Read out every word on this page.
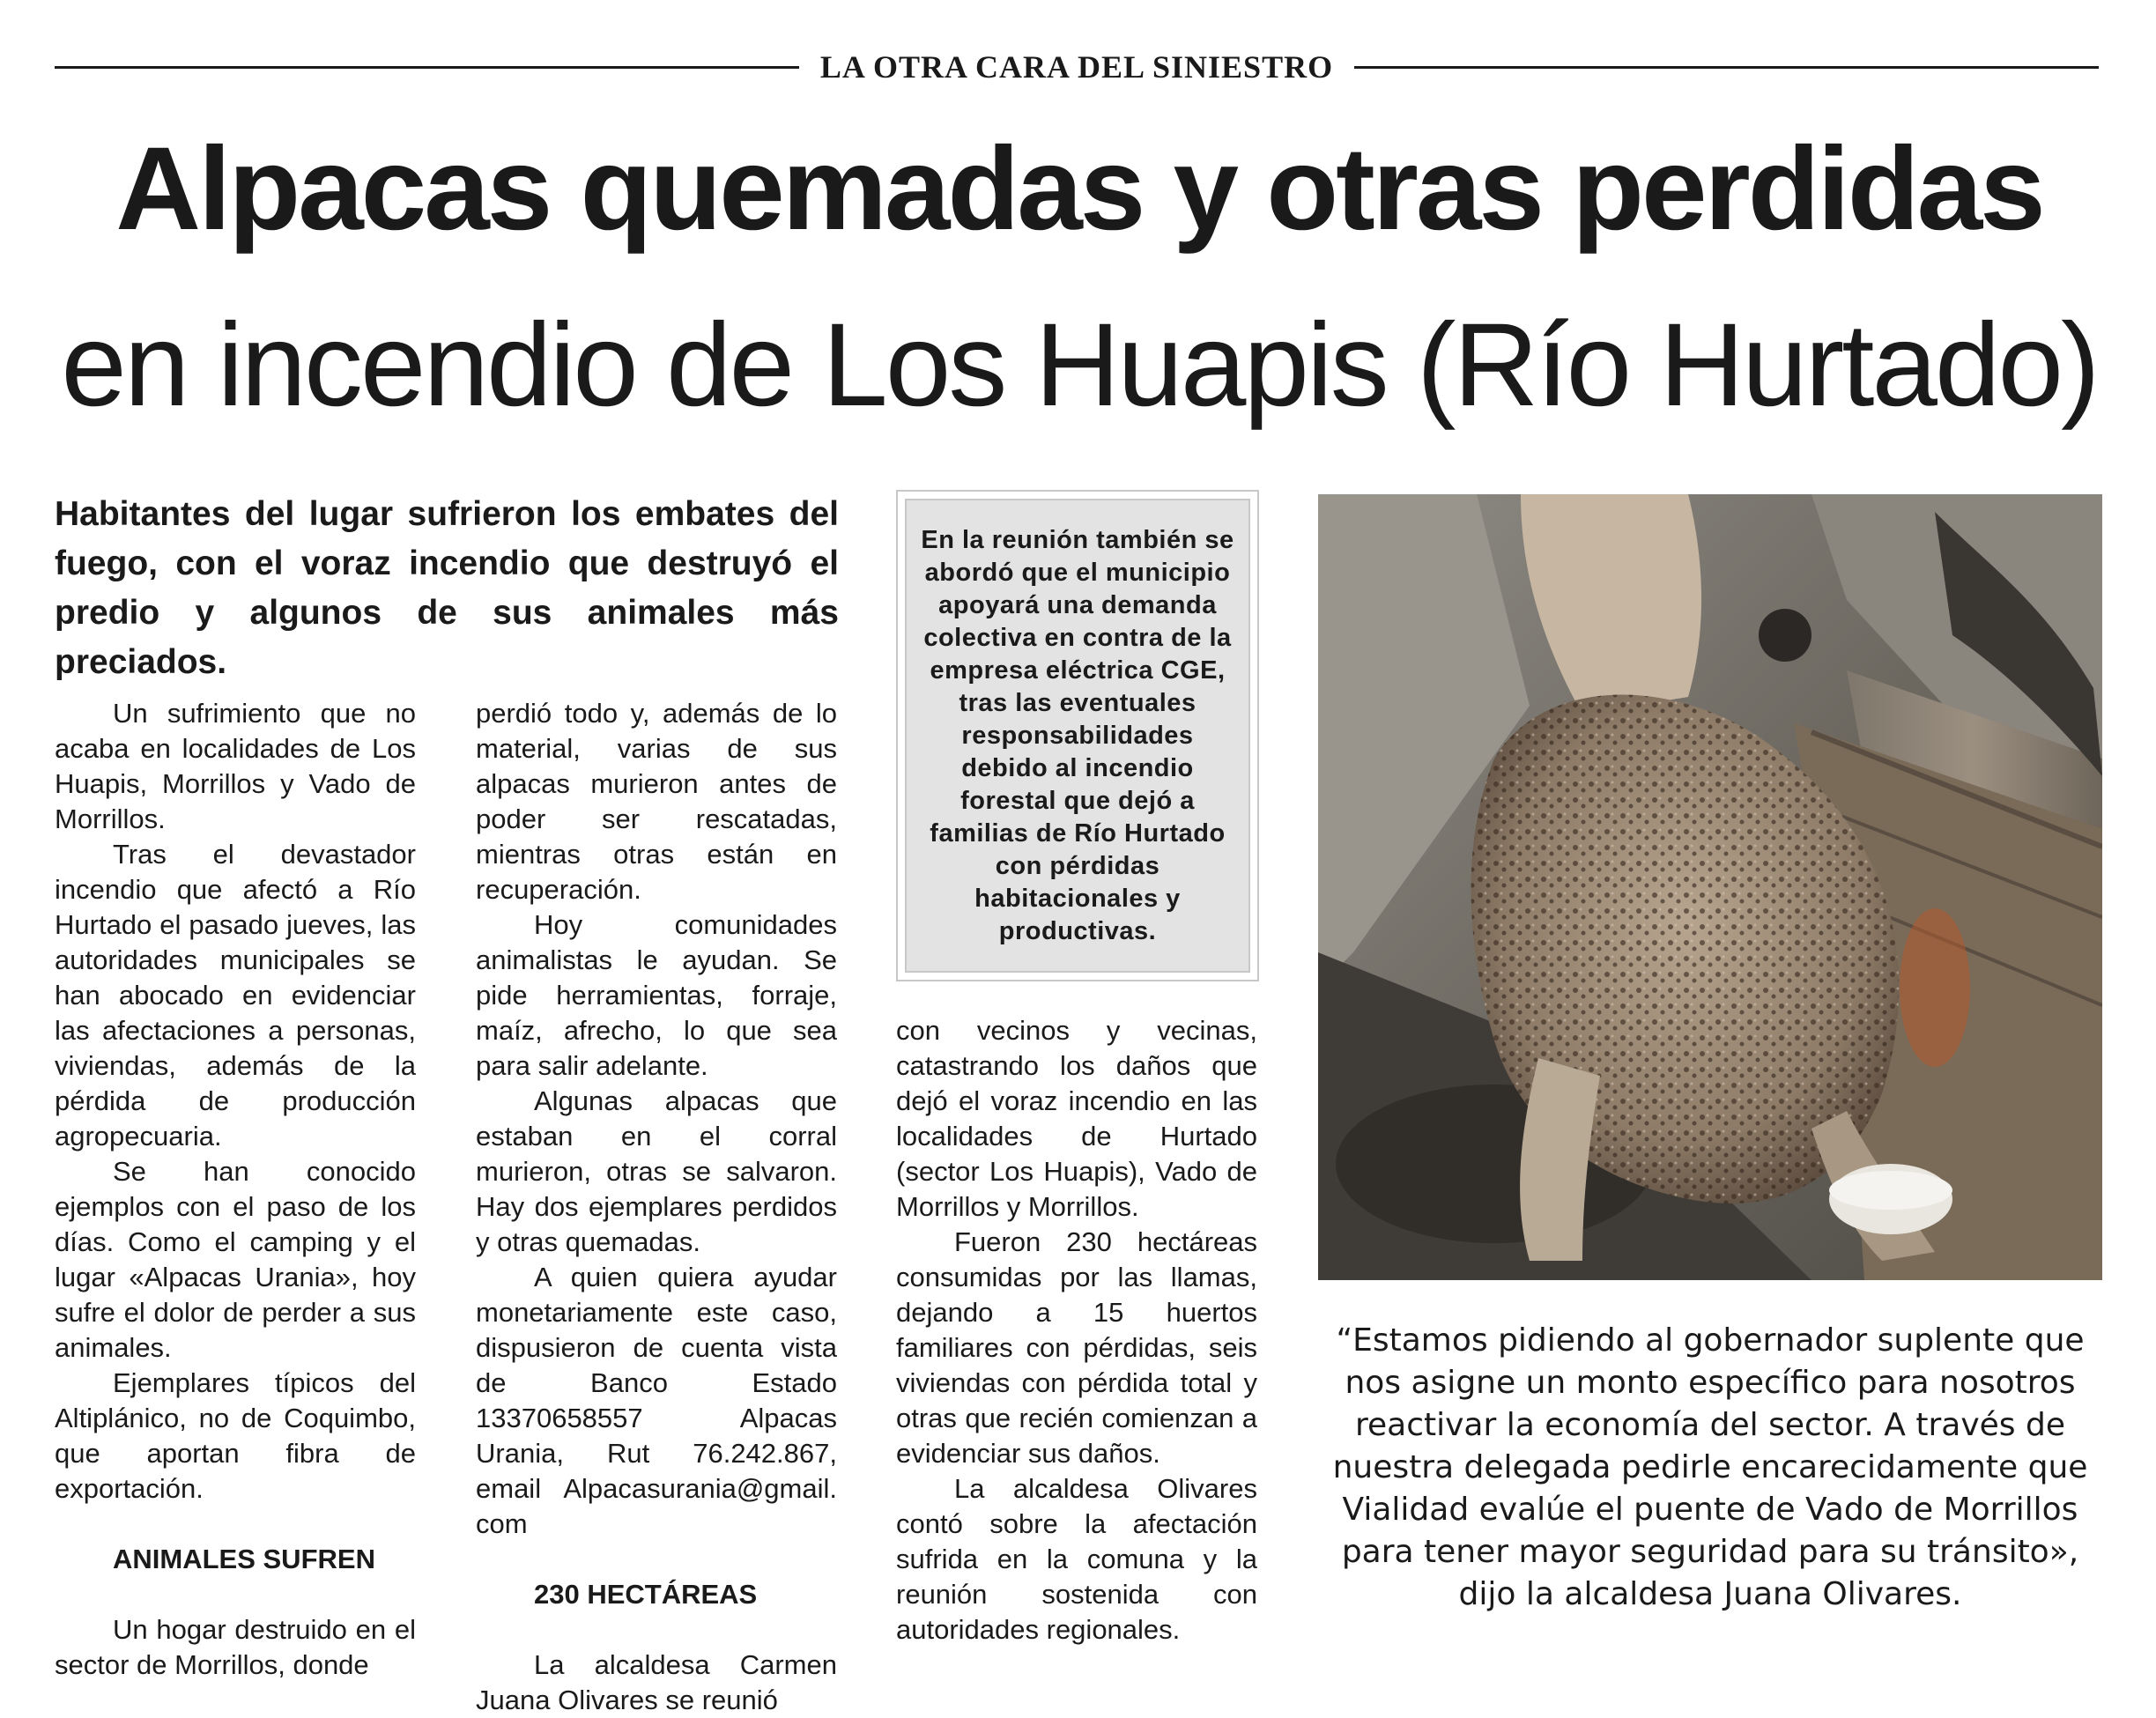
LA OTRA CARA DEL SINIESTRO
Alpacas quemadas y otras perdidas
en incendio de Los Huapis (Río Hurtado)
Habitantes del lugar sufrieron los embates del fuego, con el voraz incendio que destruyó el predio y algunos de sus animales más preciados.

Un sufrimiento que no acaba en localidades de Los Huapis, Morrillos y Vado de Morrillos.

Tras el devastador incendio que afectó a Río Hurtado el pasado jueves, las autoridades municipales se han abocado en evidenciar las afectaciones a personas, viviendas, además de la pérdida de producción agropecuaria.

Se han conocido ejemplos con el paso de los días. Como el camping y el lugar «Alpacas Urania», hoy sufre el dolor de perder a sus animales.

Ejemplares típicos del Altiplánico, no de Coquimbo, que aportan fibra de exportación.

ANIMALES SUFREN

Un hogar destruido en el sector de Morrillos, donde

perdió todo y, además de lo material, varias de sus alpacas murieron antes de poder ser rescatadas, mientras otras están en recuperación.

Hoy comunidades animalistas le ayudan. Se pide herramientas, forraje, maíz, afrecho, lo que sea para salir adelante.

Algunas alpacas que estaban en el corral murieron, otras se salvaron. Hay dos ejemplares perdidos y otras quemadas.

A quien quiera ayudar monetariamente este caso, dispusieron de cuenta vista de Banco Estado 13370658557 Alpacas Urania, Rut 76.242.867, email Alpacasurania@gmail. com

230 HECTÁREAS

La alcaldesa Carmen Juana Olivares se reunió

En la reunión también se abordó que el municipio apoyará una demanda colectiva en contra de la empresa eléctrica CGE, tras las eventuales responsabilidades debido al incendio forestal que dejó a familias de Río Hurtado con pérdidas habitacionales y productivas.

con vecinos y vecinas, catastrando los daños que dejó el voraz incendio en las localidades de Hurtado (sector Los Huapis), Vado de Morrillos y Morrillos.

Fueron 230 hectáreas consumidas por las llamas, dejando a 15 huertos familiares con pérdidas, seis viviendas con pérdida total y otras que recién comienzan a evidenciar sus daños.

La alcaldesa Olivares contó sobre la afectación sufrida en la comuna y la reunión sostenida con autoridades regionales.

“Estamos pidiendo al gobernador suplente que nos asigne un monto específico para nosotros reactivar la economía del sector. A través de nuestra delegada pedirle encarecidamente que Vialidad evalúe el puente de Vado de Morrillos para tener mayor seguridad para su tránsito», dijo la alcaldesa Juana Olivares.
